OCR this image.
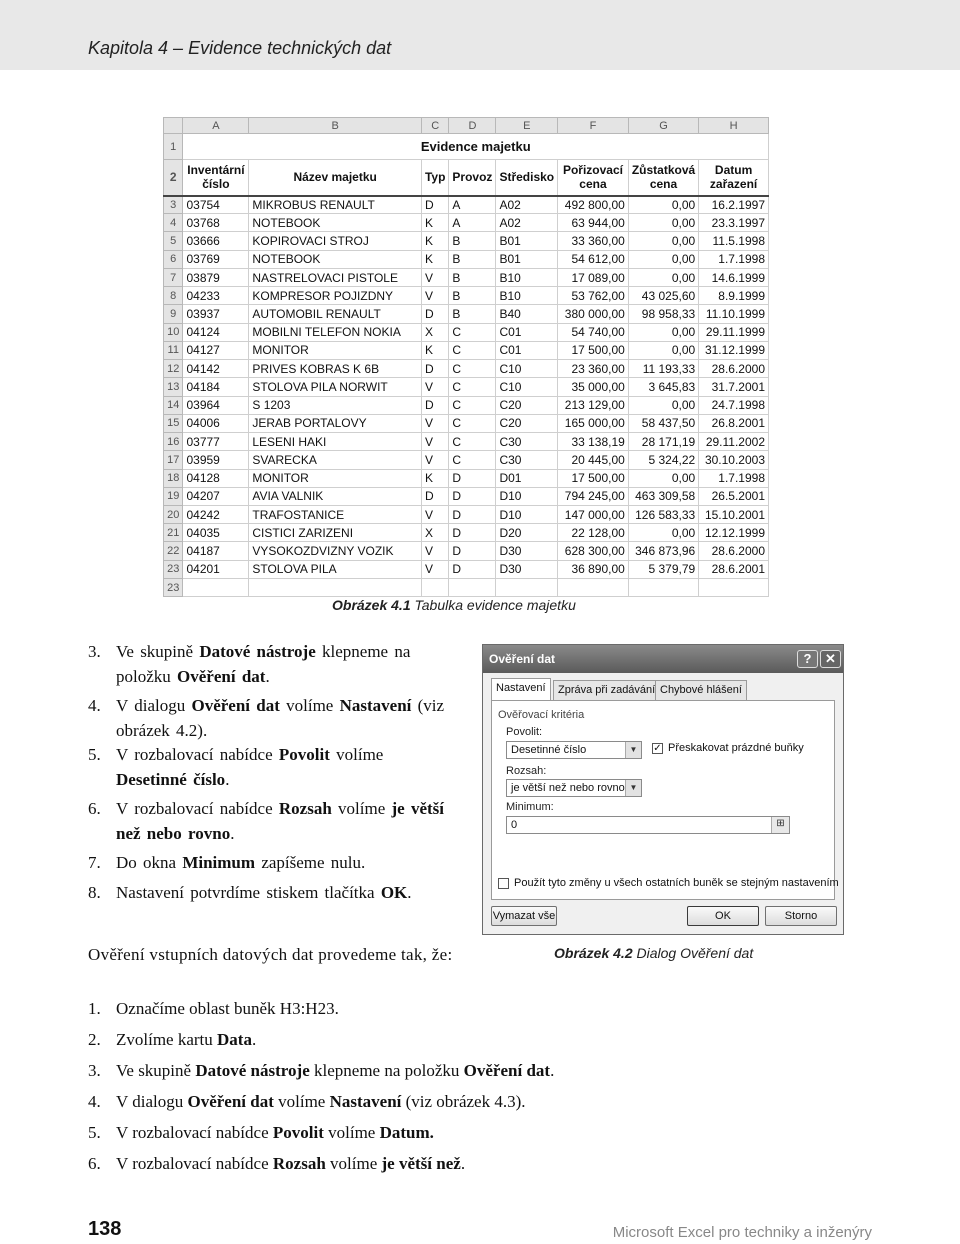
Kapitola 4 – Evidence technických dat
	A	B	C	D	E	F	G	H
1	Evidence majetku							
2	Inventární číslo	Název majetku	Typ	Provoz	Středisko	Pořizovací cena	Zůstatková cena	Datum zařazení
3	03754	MIKROBUS RENAULT	D	A	A02	492 800,00	0,00	16.2.1997
4	03768	NOTEBOOK	K	A	A02	63 944,00	0,00	23.3.1997
5	03666	KOPIROVACI STROJ	K	B	B01	33 360,00	0,00	11.5.1998
6	03769	NOTEBOOK	K	B	B01	54 612,00	0,00	1.7.1998
7	03879	NASTRELOVACI PISTOLE	V	B	B10	17 089,00	0,00	14.6.1999
8	04233	KOMPRESOR POJIZDNY	V	B	B10	53 762,00	43 025,60	8.9.1999
9	03937	AUTOMOBIL RENAULT	D	B	B40	380 000,00	98 958,33	11.10.1999
10	04124	MOBILNI TELEFON NOKIA	X	C	C01	54 740,00	0,00	29.11.1999
11	04127	MONITOR	K	C	C01	17 500,00	0,00	31.12.1999
12	04142	PRIVES KOBRAS K 6B	D	C	C10	23 360,00	11 193,33	28.6.2000
13	04184	STOLOVA PILA NORWIT	V	C	C10	35 000,00	3 645,83	31.7.2001
14	03964	S 1203	D	C	C20	213 129,00	0,00	24.7.1998
15	04006	JERAB PORTALOVY	V	C	C20	165 000,00	58 437,50	26.8.2001
16	03777	LESENI HAKI	V	C	C30	33 138,19	28 171,19	29.11.2002
17	03959	SVARECKA	V	C	C30	20 445,00	5 324,22	30.10.2003
18	04128	MONITOR	K	D	D01	17 500,00	0,00	1.7.1998
19	04207	AVIA VALNIK	D	D	D10	794 245,00	463 309,58	26.5.2001
20	04242	TRAFOSTANICE	V	D	D10	147 000,00	126 583,33	15.10.2001
21	04035	CISTICI ZARIZENI	X	D	D20	22 128,00	0,00	12.12.1999
22	04187	VYSOKOZDVIZNY VOZIK	V	D	D30	628 300,00	346 873,96	28.6.2000
23	04201	STOLOVA PILA	V	D	D30	36 890,00	5 379,79	28.6.2001
23								
Obrázek 4.1 Tabulka evidence majetku
3. Ve skupině Datové nástroje klepneme na položku Ověření dat.
4. V dialogu Ověření dat volíme Nastavení (viz obrázek 4.2).
5. V rozbalovací nabídce Povolit volíme Desetinné číslo.
6. V rozbalovací nabídce Rozsah volíme je větší než nebo rovno.
7. Do okna Minimum zapíšeme nulu.
8. Nastavení potvrdíme stiskem tlačítka OK.
Ověření vstupních datových dat provedeme tak, že:
1. Označíme oblast buněk H3:H23.
2. Zvolíme kartu Data.
3. Ve skupině Datové nástroje klepneme na položku Ověření dat.
4. V dialogu Ověření dat volíme Nastavení (viz obrázek 4.3).
5. V rozbalovací nabídce Povolit volíme Datum.
6. V rozbalovací nabídce Rozsah volíme je větší než.
Ověření dat	?	✕
Nastavení	Zpráva při zadávání Chybové hlášení
Ověřovací kritéria
Povolit:
Desetinné číslo	▼	✓ Přeskakovat prázdné buňky
Rozsah:
je větší než nebo rovno ▼
Minimum:
0	⊞
Použít tyto změny u všech ostatních buněk se stejným nastavením
Vymazat vše	OK	Storno
Obrázek 4.2 Dialog Ověření dat
138	Microsoft Excel pro techniky a inženýry
